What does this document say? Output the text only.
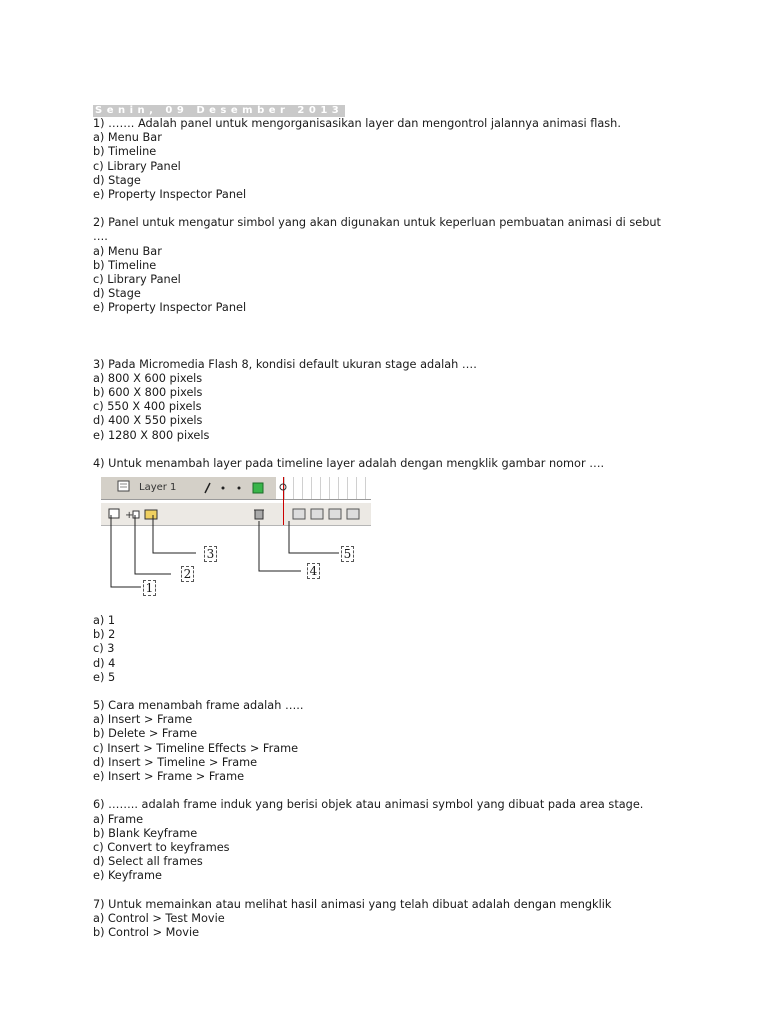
Senin, 09 Desember 2013
1) ……. Adalah panel untuk mengorganisasikan layer dan mengontrol jalannya animasi flash.
a) Menu Bar
b) Timeline
c) Library Panel
d) Stage
e) Property Inspector Panel
2) Panel untuk mengatur simbol yang akan digunakan untuk keperluan pembuatan animasi di sebut
….
a) Menu Bar
b) Timeline
c) Library Panel
d) Stage
e) Property Inspector Panel
3) Pada Micromedia Flash 8, kondisi default ukuran stage adalah ….
a) 800 X 600 pixels
b) 600 X 800 pixels
c) 550 X 400 pixels
d) 400 X 550 pixels
e) 1280 X 800 pixels
4) Untuk menambah layer pada timeline layer adalah dengan mengklik gambar nomor ….
Layer 1
+
1
2
3
4
5
a) 1
b) 2
c) 3
d) 4
e) 5
5) Cara menambah frame adalah …..
a) Insert > Frame
b) Delete > Frame
c) Insert > Timeline Effects > Frame
d) Insert > Timeline > Frame
e) Insert > Frame > Frame
6) …….. adalah frame induk yang berisi objek atau animasi symbol yang dibuat pada area stage.
a) Frame
b) Blank Keyframe
c) Convert to keyframes
d) Select all frames
e) Keyframe
7) Untuk memainkan atau melihat hasil animasi yang telah dibuat adalah dengan mengklik
a) Control > Test Movie
b) Control > Movie
